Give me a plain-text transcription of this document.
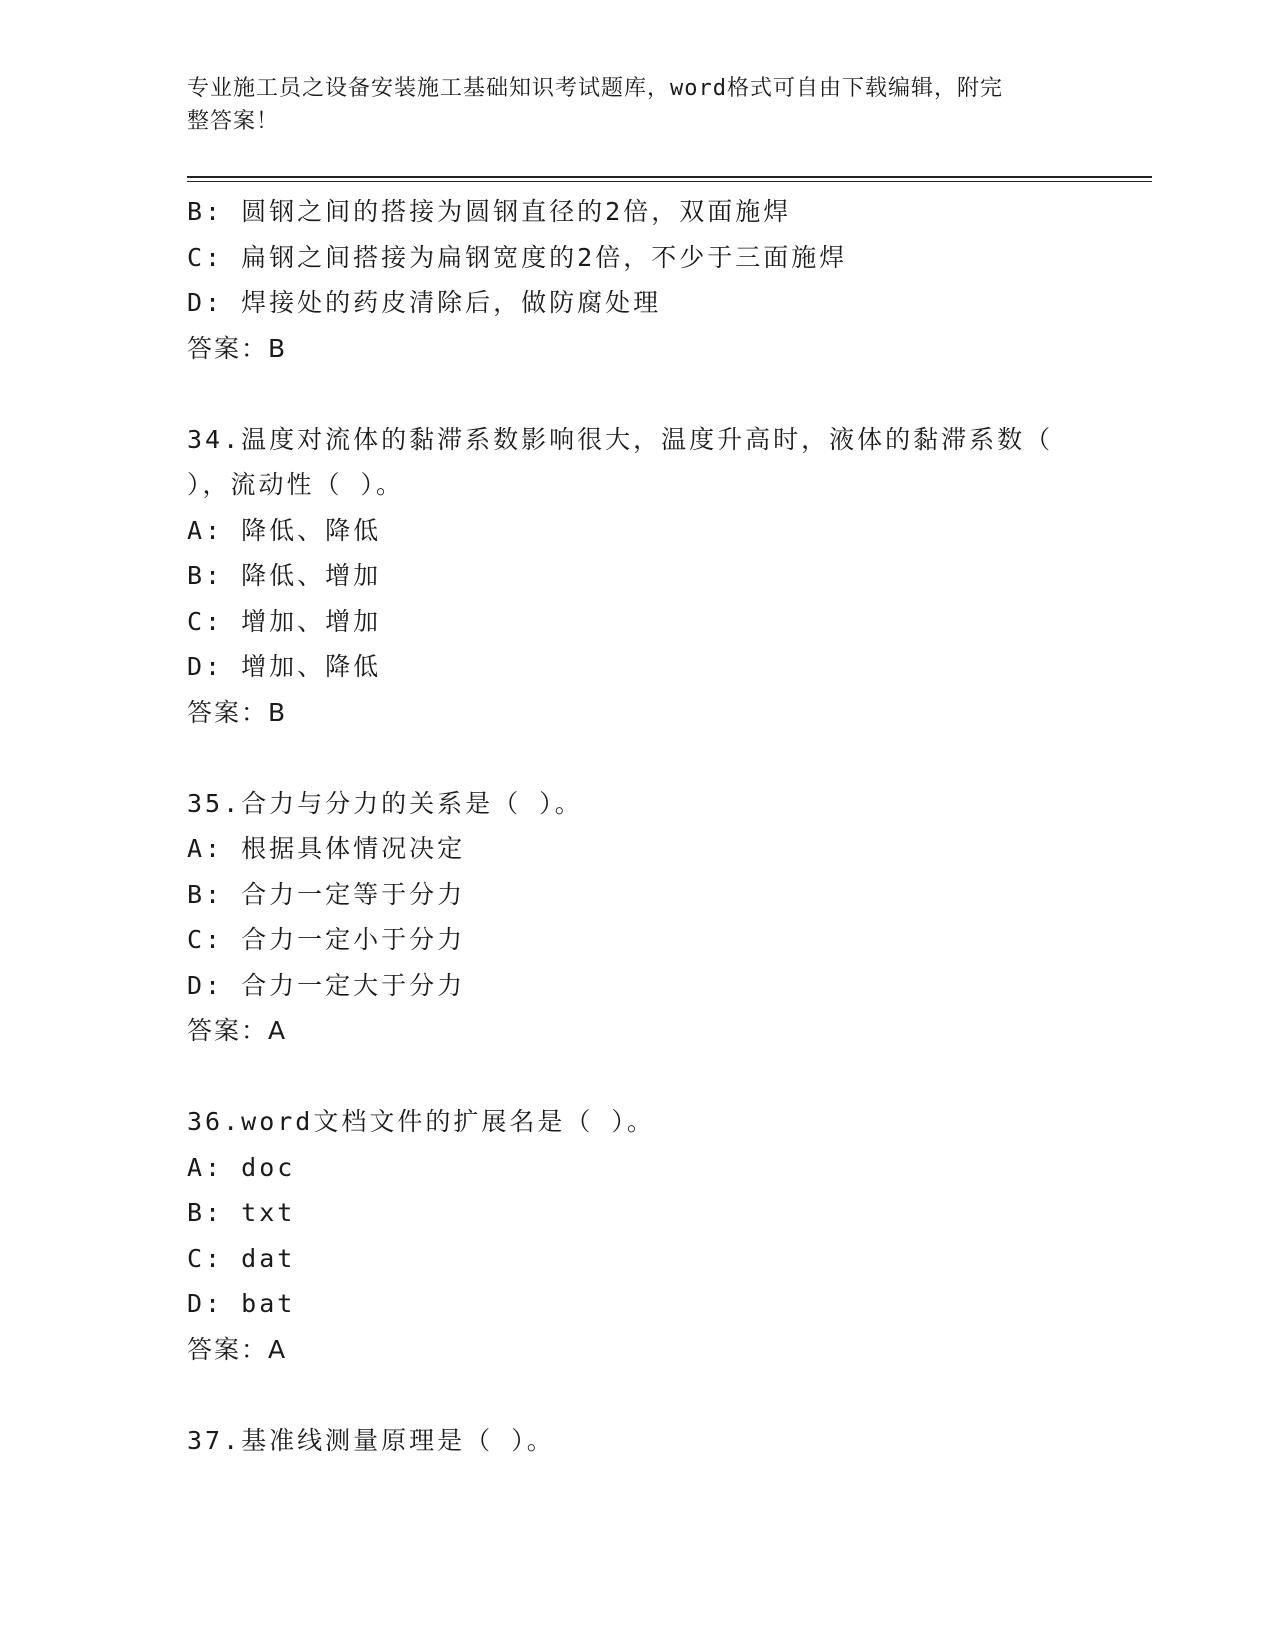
专业施工员之设备安装施工基础知识考试题库，word格式可自由下载编辑，附完
整答案！
B: 圆钢之间的搭接为圆钢直径的2倍，双面施焊
C: 扁钢之间搭接为扁钢宽度的2倍，不少于三面施焊
D: 焊接处的药皮清除后，做防腐处理
答案：B
34.温度对流体的黏滞系数影响很大，温度升高时，液体的黏滞系数（
），流动性（ ）。
A: 降低、降低
B: 降低、增加
C: 增加、增加
D: 增加、降低
答案：B
35.合力与分力的关系是（ ）。
A: 根据具体情况决定
B: 合力一定等于分力
C: 合力一定小于分力
D: 合力一定大于分力
答案：A
36.word文档文件的扩展名是（ ）。
A: doc
B: txt
C: dat
D: bat
答案：A
37.基准线测量原理是（ ）。
